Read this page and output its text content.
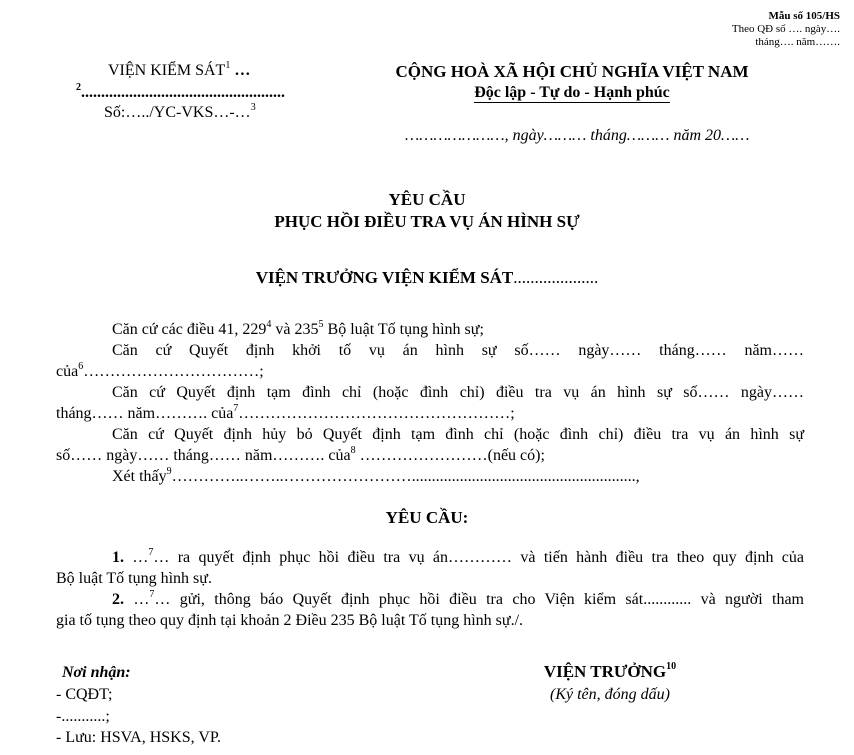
Mẫu số 105/HS
Theo QĐ số …. ngày….
tháng…. năm…….
VIỆN KIỂM SÁT$^1$ …
$^2$...................................................
Số:…../YC-VKS…-…$^3$
CỘNG HOÀ XÃ HỘI CHỦ NGHĨA VIỆT NAM
Độc lập - Tự do - Hạnh phúc
…………………, ngày……… tháng……… năm 20……
YÊU CẦU
PHỤC HỒI ĐIỀU TRA VỤ ÁN HÌNH SỰ
VIỆN TRƯỞNG VIỆN KIỂM SÁT....................
Căn cứ các điều 41, $229^4$ và $235^5$ Bộ luật Tố tụng hình sự;
Căn cứ Quyết định khởi tố vụ án hình sự số…… ngày…… tháng…… năm……
của$^6$……………………………;
Căn cứ Quyết định tạm đình chỉ (hoặc đình chỉ) điều tra vụ án hình sự số…… ngày……
tháng…… năm………. của$^7$……………………………………………;
Căn cứ Quyết định hủy bỏ Quyết định tạm đình chỉ (hoặc đình chỉ) điều tra vụ án hình sự
số…… ngày…… tháng…… năm………. của$^8$ ……………………(nếu có);
Xét thấy$^9$…………..……..……………………........................................................,
YÊU CẦU:
1. …$^7$… ra quyết định phục hồi điều tra vụ án………… và tiến hành điều tra theo quy định của
Bộ luật Tố tụng hình sự.
2. …$^7$… gửi, thông báo Quyết định phục hồi điều tra cho Viện kiểm sát............ và người tham
gia tố tụng theo quy định tại khoản 2 Điều 235 Bộ luật Tố tụng hình sự./.
Nơi nhận:
- CQĐT;
-...........;
- Lưu: HSVA, HSKS, VP.
VIỆN TRƯỞNG$^{10}$
(Ký tên, đóng dấu)
